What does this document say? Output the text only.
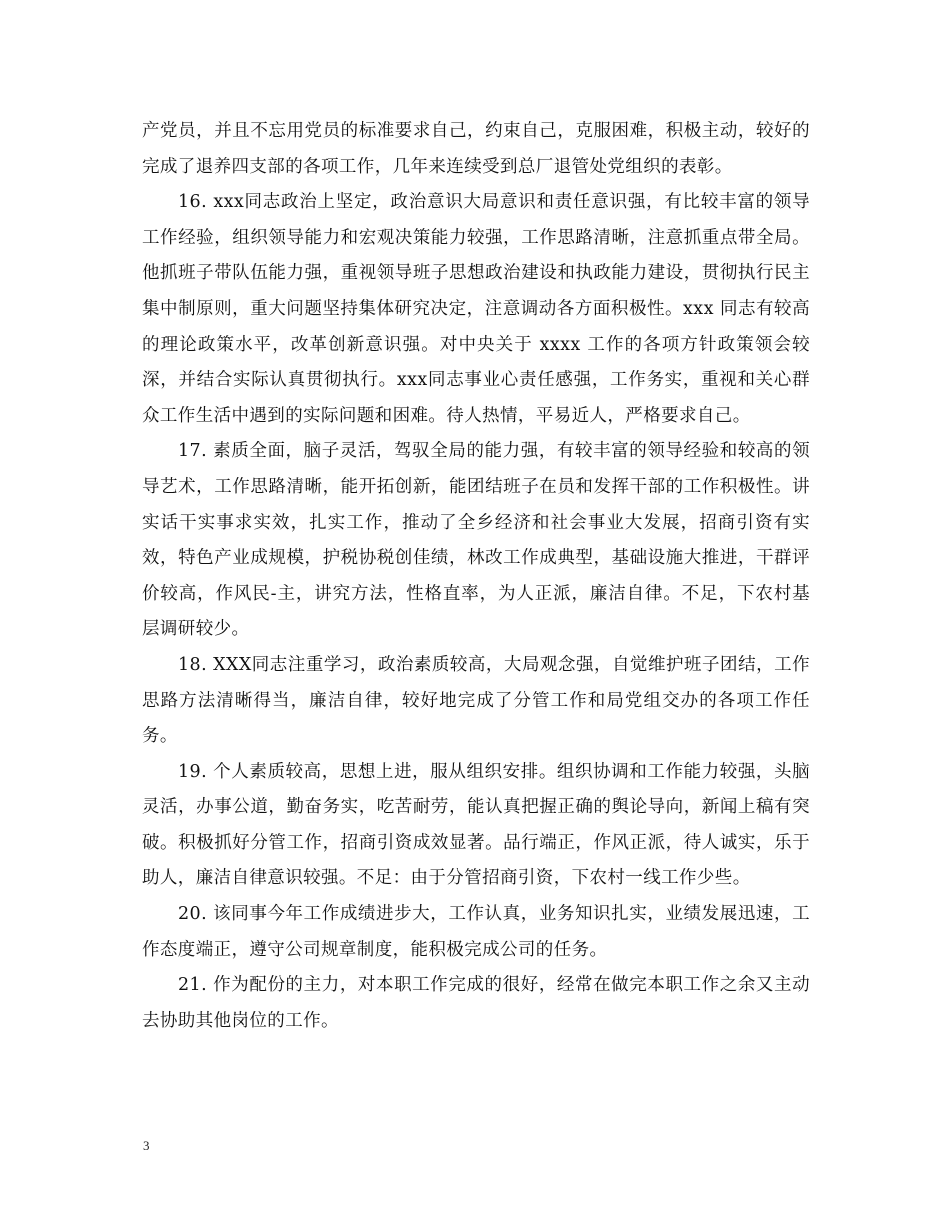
产党员，并且不忘用党员的标准要求自己，约束自己，克服困难，积极主动，较好的完成了退养四支部的各项工作，几年来连续受到总厂退管处党组织的表彰。

16. xxx同志政治上坚定，政治意识大局意识和责任意识强，有比较丰富的领导工作经验，组织领导能力和宏观决策能力较强，工作思路清晰，注意抓重点带全局。他抓班子带队伍能力强，重视领导班子思想政治建设和执政能力建设，贯彻执行民主集中制原则，重大问题坚持集体研究决定，注意调动各方面积极性。xxx 同志有较高的理论政策水平，改革创新意识强。对中央关于 xxxx 工作的各项方针政策领会较深，并结合实际认真贯彻执行。xxx同志事业心责任感强，工作务实，重视和关心群众工作生活中遇到的实际问题和困难。待人热情，平易近人，严格要求自己。

17. 素质全面，脑子灵活，驾驭全局的能力强，有较丰富的领导经验和较高的领导艺术，工作思路清晰，能开拓创新，能团结班子在员和发挥干部的工作积极性。讲实话干实事求实效，扎实工作，推动了全乡经济和社会事业大发展，招商引资有实效，特色产业成规模，护税协税创佳绩，林改工作成典型，基础设施大推进，干群评价较高，作风民-主，讲究方法，性格直率，为人正派，廉洁自律。不足，下农村基层调研较少。

18. XXX同志注重学习，政治素质较高，大局观念强，自觉维护班子团结，工作思路方法清晰得当，廉洁自律，较好地完成了分管工作和局党组交办的各项工作任务。

19. 个人素质较高，思想上进，服从组织安排。组织协调和工作能力较强，头脑灵活，办事公道，勤奋务实，吃苦耐劳，能认真把握正确的舆论导向，新闻上稿有突破。积极抓好分管工作，招商引资成效显著。品行端正，作风正派，待人诚实，乐于助人，廉洁自律意识较强。不足：由于分管招商引资，下农村一线工作少些。

20. 该同事今年工作成绩进步大，工作认真，业务知识扎实，业绩发展迅速，工作态度端正，遵守公司规章制度，能积极完成公司的任务。

21. 作为配份的主力，对本职工作完成的很好，经常在做完本职工作之余又主动去协助其他岗位的工作。

3
